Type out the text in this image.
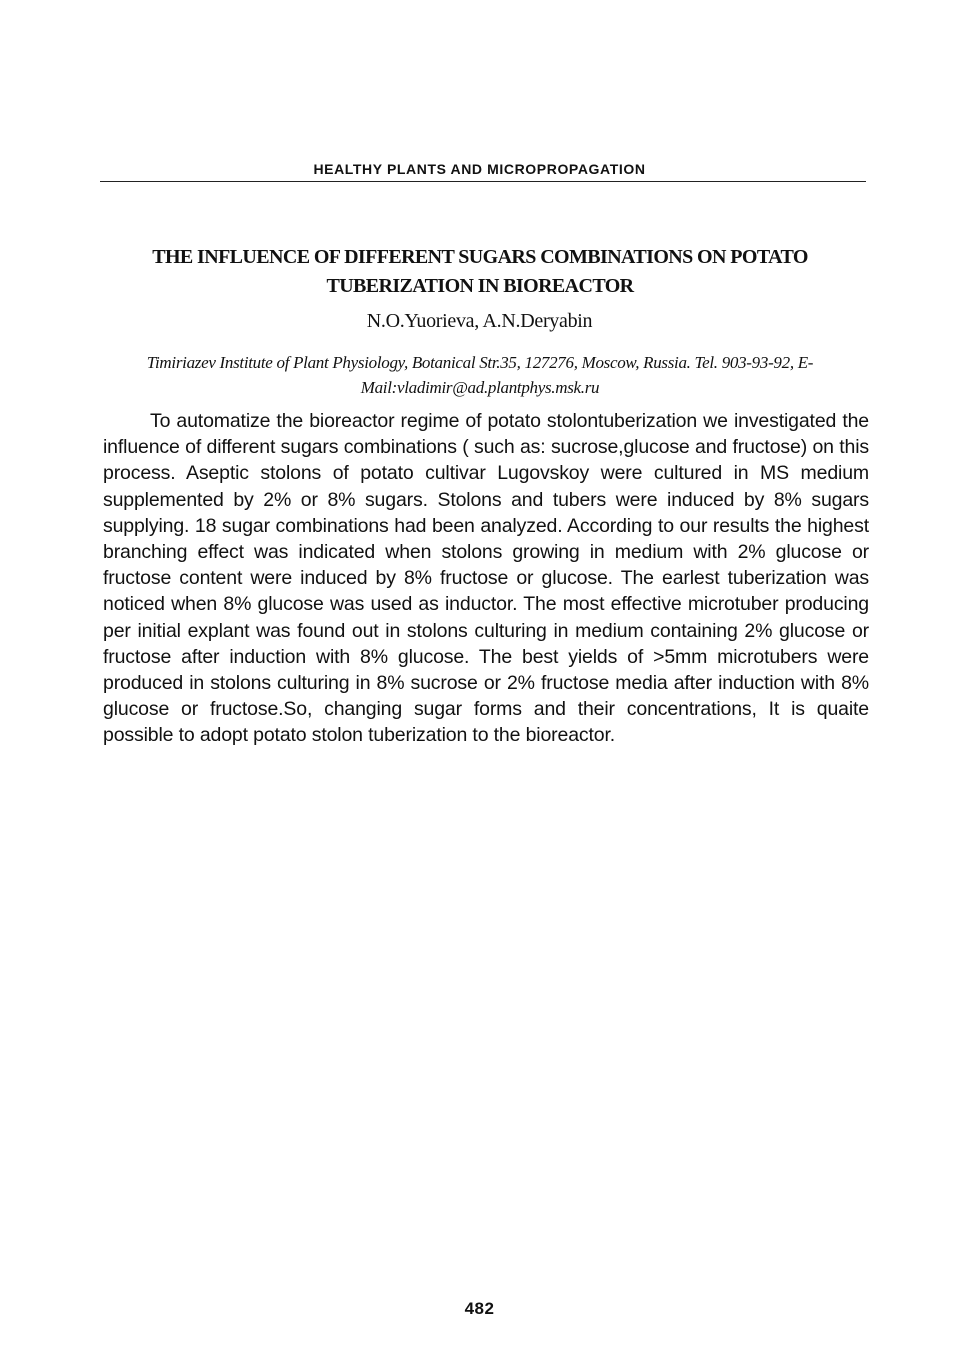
HEALTHY PLANTS AND MICROPROPAGATION
THE INFLUENCE OF DIFFERENT SUGARS COMBINATIONS ON POTATO TUBERIZATION IN BIOREACTOR
N.O.Yuorieva, A.N.Deryabin
Timiriazev Institute of Plant Physiology, Botanical Str.35, 127276, Moscow, Russia. Tel. 903-93-92, E-Mail:vladimir@ad.plantphys.msk.ru

To automatize the bioreactor regime of potato stolontuberization we investigated the influence of different sugars combinations ( such as: sucrose,glucose and fructose) on this process. Aseptic stolons of potato cultivar Lugovskoy were cultured in MS medium supplemented by 2% or 8% sugars. Stolons and tubers were induced by 8% sugars supplying. 18 sugar combinations had been analyzed. According to our results the highest branching effect was indicated when stolons growing in medium with 2% glucose or fructose content were induced by 8% fructose or glucose. The earlest tuberization was noticed when 8% glucose was used as inductor. The most effective microtuber producing per initial explant was found out in stolons culturing in medium containing 2% glucose or fructose after induction with 8% glucose. The best yields of >5mm microtubers were produced in stolons culturing in 8% sucrose or 2% fructose media after induction with 8% glucose or fructose.So, changing sugar forms and their concentrations, It is quaite possible to adopt potato stolon tuberization to the bioreactor.

482
